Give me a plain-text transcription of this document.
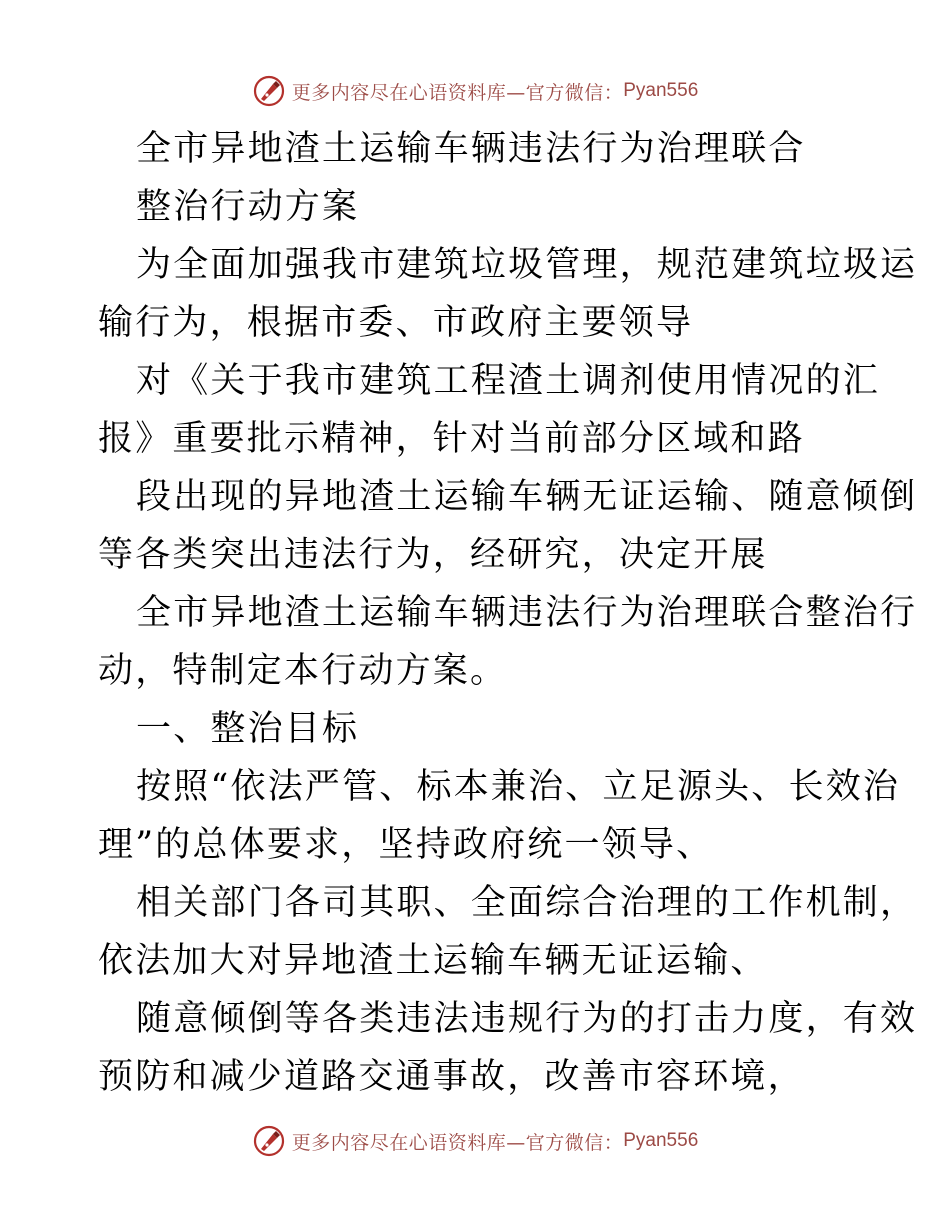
更多内容尽在心语资料库—官方微信： Pyan556
全市异地渣土运输车辆违法行为治理联合
整治行动方案
为全面加强我市建筑垃圾管理，规范建筑垃圾运
输行为，根据市委、市政府主要领导
对《关于我市建筑工程渣土调剂使用情况的汇
报》重要批示精神，针对当前部分区域和路
段出现的异地渣土运输车辆无证运输、随意倾倒
等各类突出违法行为，经研究，决定开展
全市异地渣土运输车辆违法行为治理联合整治行
动，特制定本行动方案。
一、整治目标
按照“依法严管、标本兼治、立足源头、长效治
理”的总体要求，坚持政府统一领导、
相关部门各司其职、全面综合治理的工作机制，
依法加大对异地渣土运输车辆无证运输、
随意倾倒等各类违法违规行为的打击力度，有效
预防和减少道路交通事故，改善市容环境，
更多内容尽在心语资料库—官方微信： Pyan556
